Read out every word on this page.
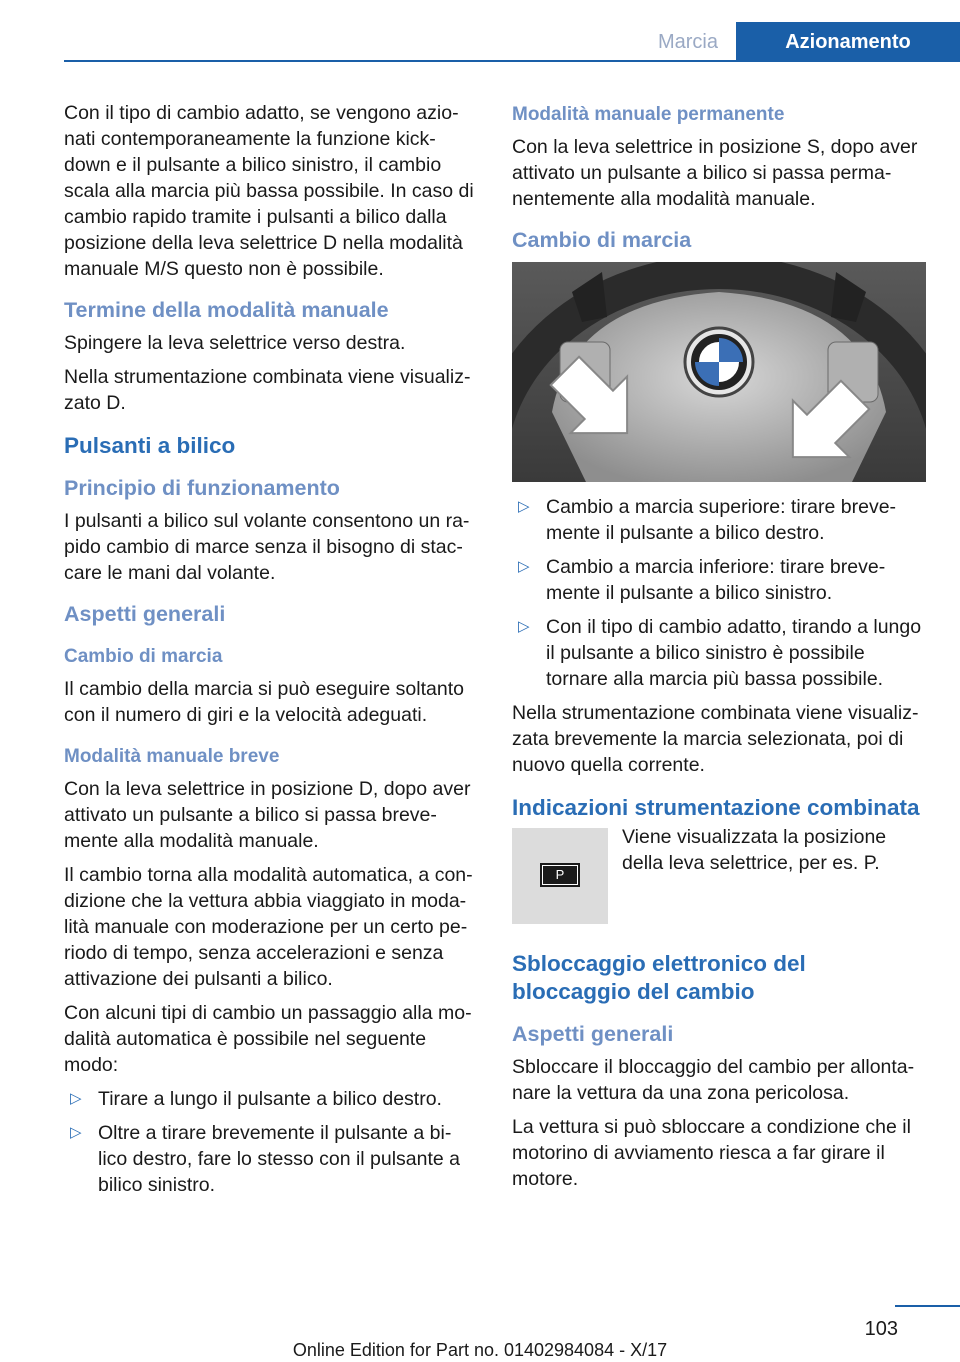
Marcia	Azionamento

Con il tipo di cambio adatto, se vengono azio-nati contemporaneamente la funzione kick-down e il pulsante a bilico sinistro, il cambio scala alla marcia più bassa possibile. In caso di cambio rapido tramite i pulsanti a bilico dalla posizione della leva selettrice D nella modalità manuale M/S questo non è possibile.

Termine della modalità manuale

Spingere la leva selettrice verso destra.

Nella strumentazione combinata viene visualiz-zato D.

Pulsanti a bilico
Principio di funzionamento

I pulsanti a bilico sul volante consentono un ra-pido cambio di marce senza il bisogno di stac-care le mani dal volante.

Aspetti generali
Cambio di marcia

Il cambio della marcia si può eseguire soltanto con il numero di giri e la velocità adeguati.

Modalità manuale breve

Con la leva selettrice in posizione D, dopo aver attivato un pulsante a bilico si passa breve-mente alla modalità manuale.

Il cambio torna alla modalità automatica, a con-dizione che la vettura abbia viaggiato in moda-lità manuale con moderazione per un certo pe-riodo di tempo, senza accelerazioni e senza attivazione dei pulsanti a bilico.

Con alcuni tipi di cambio un passaggio alla mo-dalità automatica è possibile nel seguente modo:

▷ Tirare a lungo il pulsante a bilico destro.
▷ Oltre a tirare brevemente il pulsante a bi-lico destro, fare lo stesso con il pulsante a bilico sinistro.
Modalità manuale permanente

Con la leva selettrice in posizione S, dopo aver attivato un pulsante a bilico si passa perma-nentemente alla modalità manuale.

Cambio di marcia
▷ Cambio a marcia superiore: tirare breve-mente il pulsante a bilico destro.
▷ Cambio a marcia inferiore: tirare breve-mente il pulsante a bilico sinistro.
▷ Con il tipo di cambio adatto, tirando a lungo il pulsante a bilico sinistro è possibile tornare alla marcia più bassa possibile.

Nella strumentazione combinata viene visualiz-zata brevemente la marcia selezionata, poi di nuovo quella corrente.

Indicazioni strumentazione combinata
P
Viene visualizzata la posizione della leva selettrice, per es. P.
Sbloccaggio elettronico del bloccaggio del cambio
Aspetti generali

Sbloccare il bloccaggio del cambio per allonta-nare la vettura da una zona pericolosa.

La vettura si può sbloccare a condizione che il motorino di avviamento riesca a far girare il motore.

103
Online Edition for Part no. 01402984084 - X/17
